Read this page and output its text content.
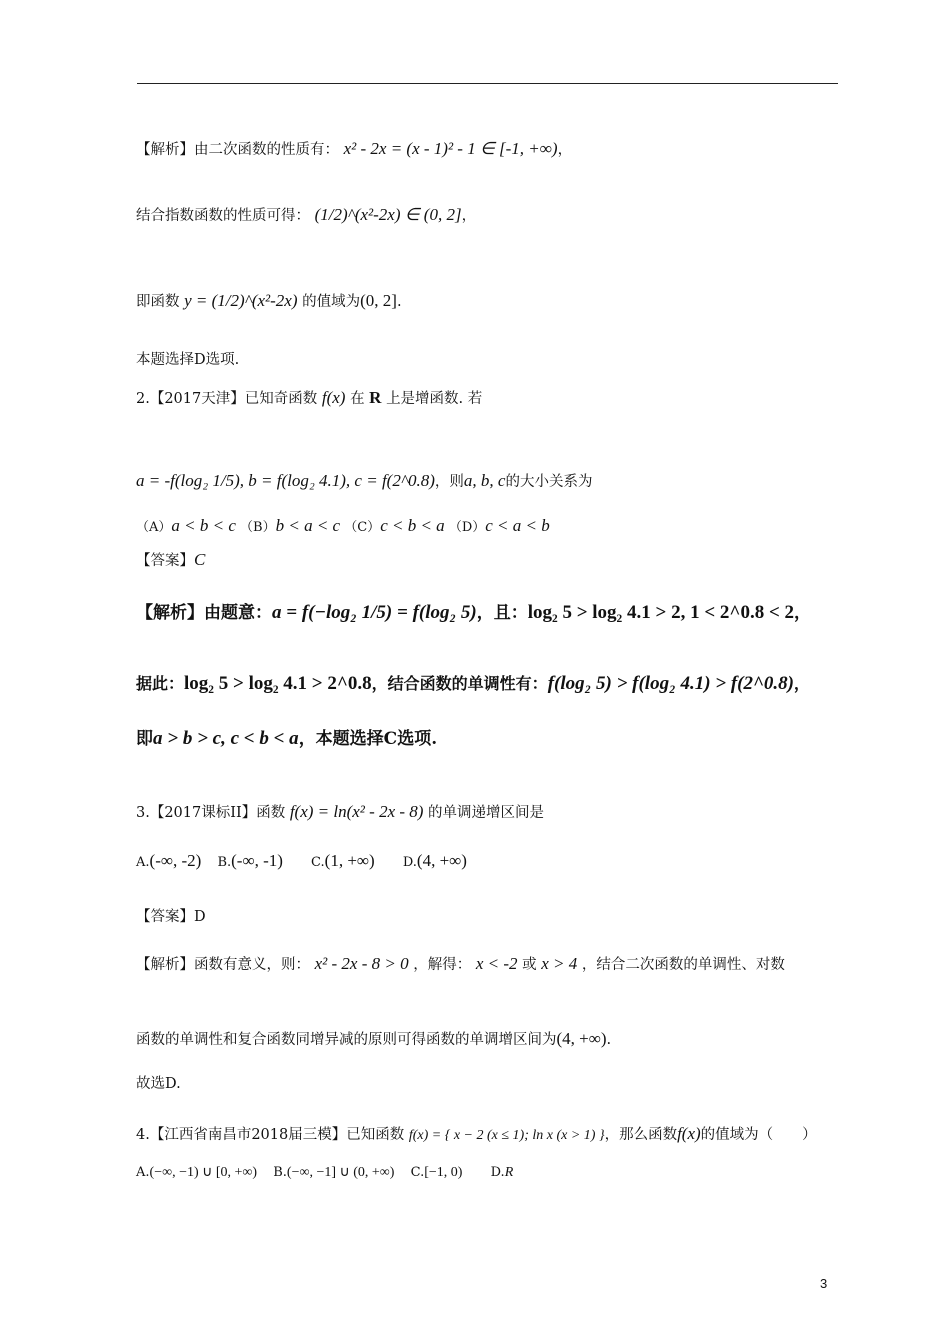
【解析】由二次函数的性质有： x² - 2x = (x - 1)² - 1 ∈ [-1, +∞)，
结合指数函数的性质可得： (1/2)^(x²-2x) ∈ (0, 2]，
即函数 y = (1/2)^(x²-2x) 的值域为(0, 2].
本题选择D选项.
2.【2017天津】已知奇函数 f(x) 在 R 上是增函数. 若
a = -f(log₂ 1/5), b = f(log₂ 4.1), c = f(2^0.8)，则a, b, c的大小关系为
（A）a < b < c （B）b < a < c （C）c < b < a （D）c < a < b
【答案】C
【解析】由题意：a = f(−log₂ 1/5) = f(log₂ 5)，且：log₂ 5 > log₂ 4.1 > 2, 1 < 2^0.8 < 2，
据此：log₂ 5 > log₂ 4.1 > 2^0.8，结合函数的单调性有：f(log₂ 5) > f(log₂ 4.1) > f(2^0.8)，
即a > b > c, c < b < a，本题选择C选项.
3.【2017课标II】函数 f(x) = ln(x² - 2x - 8) 的单调递增区间是
A.(-∞, -2) B.(-∞, -1) C.(1, +∞) D.(4, +∞)
【答案】D
【解析】函数有意义，则： x² - 2x - 8 > 0 ，解得： x < -2 或 x > 4 ，结合二次函数的单调性、对数
函数的单调性和复合函数同增异减的原则可得函数的单调增区间为(4, +∞).
故选D.
4.【江西省南昌市2018届三模】已知函数 f(x) = { x − 2 (x ≤ 1); ln x (x > 1) }，那么函数f(x)的值域为（　　）
A.(−∞, −1) ∪ [0, +∞) B.(−∞, −1] ∪ (0, +∞) C.[−1, 0) D.R
3
